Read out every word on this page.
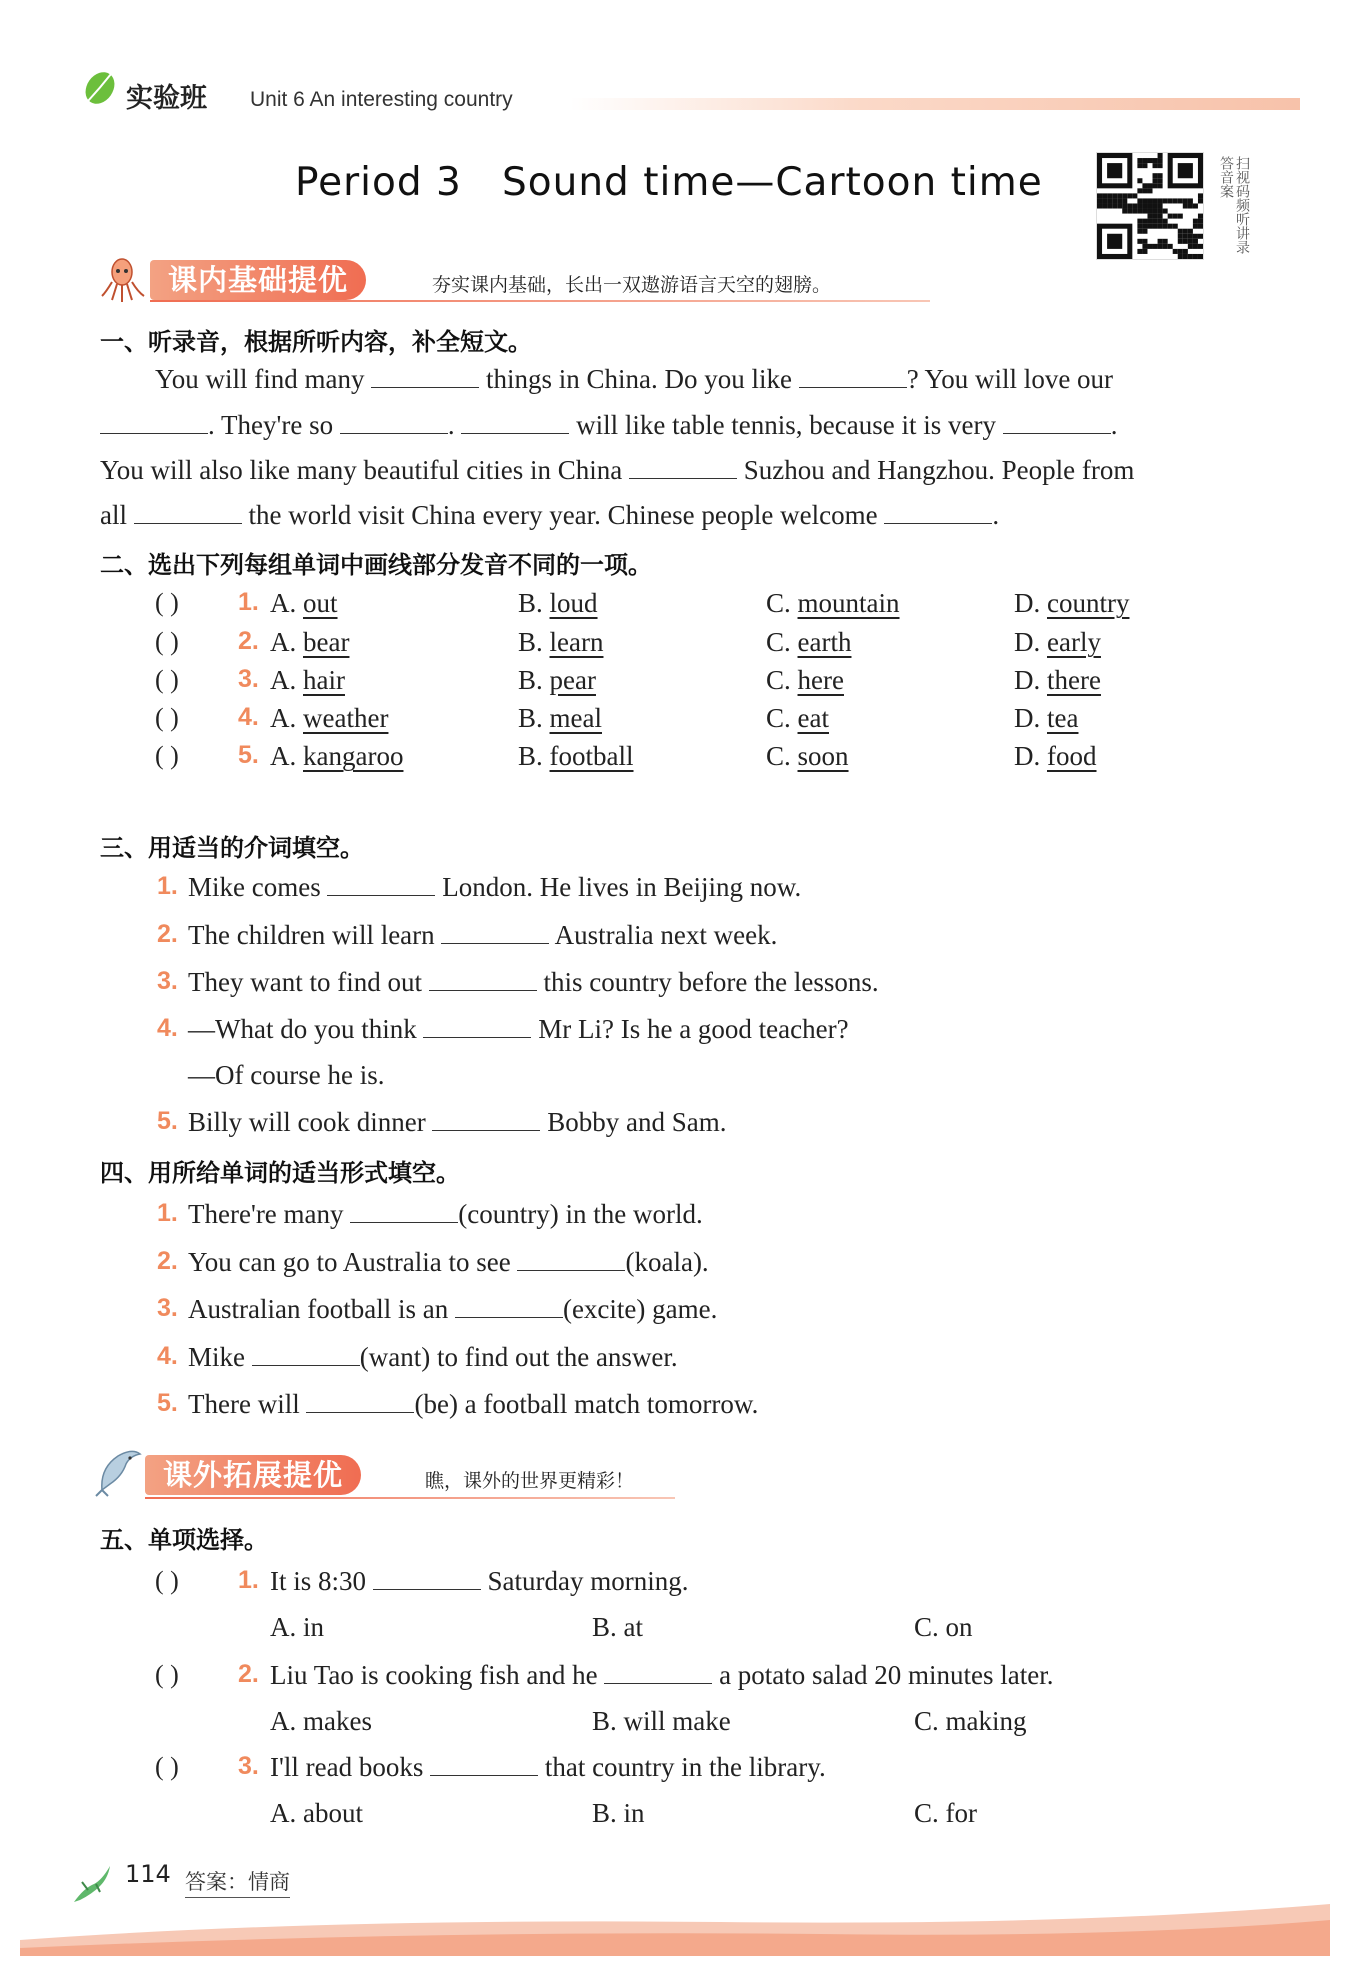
实验班 Unit 6 An interesting country
Period 3   Sound time—Cartoon time	扫视码频听讲录答音案
课内基础提优	夯实课内基础，长出一双遨游语言天空的翅膀。
一、听录音，根据所听内容，补全短文。
You will find many	things in China. Do you like	? You will love our
. They're so	.	will like table tennis, because it is very	.
You will also like many beautiful cities in China	Suzhou and Hangzhou. People from
all	the world visit China every year. Chinese people welcome	.
二、选出下列每组单词中画线部分发音不同的一项。
( )	1. A. out	B. loud	C. mountain	D. country
( )	2. A. bear	B. learn	C. earth	D. early
( )	3. A. hair	B. pear	C. here	D. there
( )	4. A. weather	B. meal	C. eat	D. tea
( )	5. A. kangaroo	B. football	C. soon	D. food
三、用适当的介词填空。
1. Mike comes	London. He lives in Beijing now.
2. The children will learn	Australia next week.
3. They want to find out	this country before the lessons.
4. —What do you think	Mr Li? Is he a good teacher?
—Of course he is.
5. Billy will cook dinner	Bobby and Sam.
四、用所给单词的适当形式填空。
1. There're many	(country) in the world.
2. You can go to Australia to see	(koala).
3. Australian football is an	(excite) game.
4. Mike	(want) to find out the answer.
5. There will	(be) a football match tomorrow.
课外拓展提优	瞧，课外的世界更精彩！
五、单项选择。
( )	1. It is 8:30	Saturday morning.
A. in	B. at	C. on
( )	2. Liu Tao is cooking fish and he	a potato salad 20 minutes later.
A. makes	B. will make	C. making
( )	3. I'll read books	that country in the library.
A. about	B. in	C. for
114 答案：情商
